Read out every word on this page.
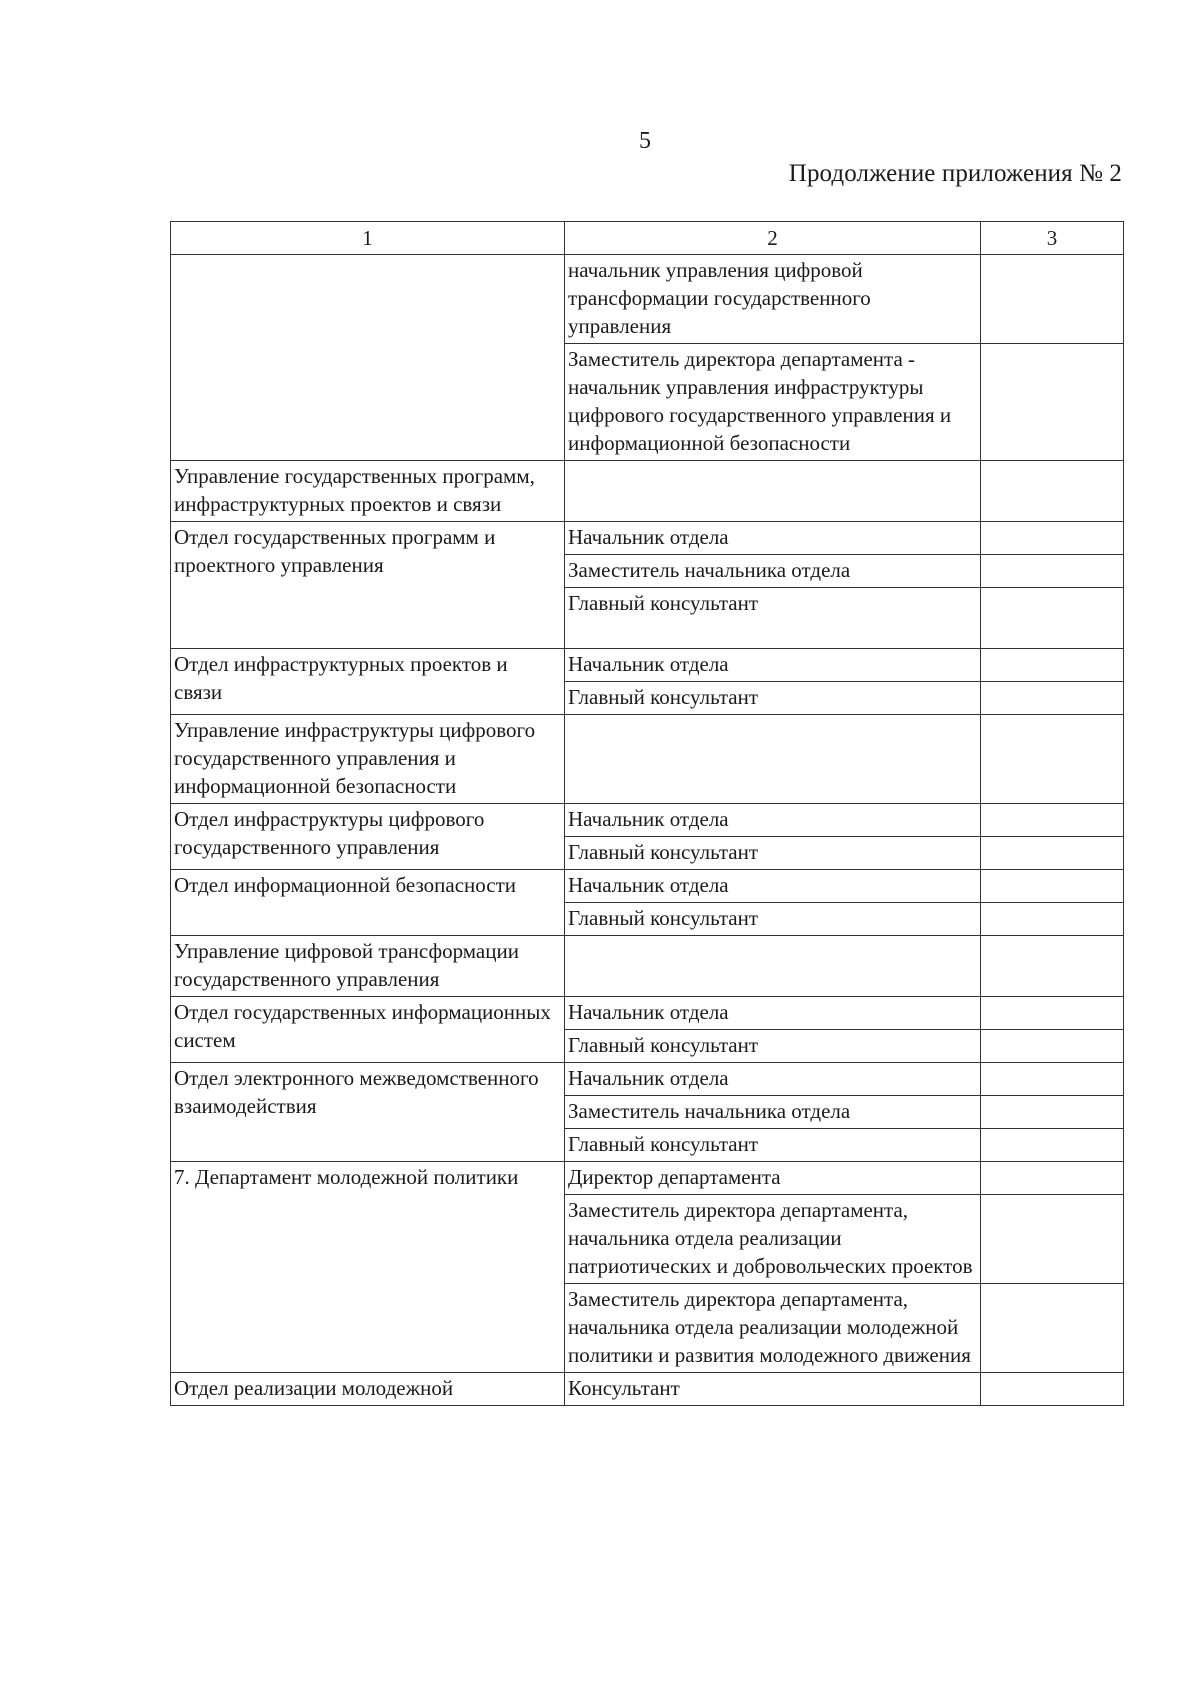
5
Продолжение приложения № 2
1	2	3
	начальник управления цифровой трансформации государственного управления	
	Заместитель директора департамента - начальник управления инфраструктуры цифрового государственного управления и информационной безопасности	
Управление государственных программ, инфраструктурных проектов и связи		
Отдел государственных программ и проектного управления	Начальник отдела	
	Заместитель начальника отдела	
	Главный консультант	
Отдел инфраструктурных проектов и связи	Начальник отдела	
	Главный консультант	
Управление инфраструктуры цифрового государственного управления и информационной безопасности		
Отдел инфраструктуры цифрового государственного управления	Начальник отдела	
	Главный консультант	
Отдел информационной безопасности	Начальник отдела	
	Главный консультант	
Управление цифровой трансформации государственного управления		
Отдел государственных информационных систем	Начальник отдела	
	Главный консультант	
Отдел электронного межведомственного взаимодействия	Начальник отдела	
	Заместитель начальника отдела	
	Главный консультант	
7. Департамент молодежной политики	Директор департамента	
	Заместитель директора департамента, начальника отдела реализации патриотических и добровольческих проектов	
	Заместитель директора департамента, начальника отдела реализации молодежной политики и развития молодежного движения	
Отдел реализации молодежной	Консультант	
